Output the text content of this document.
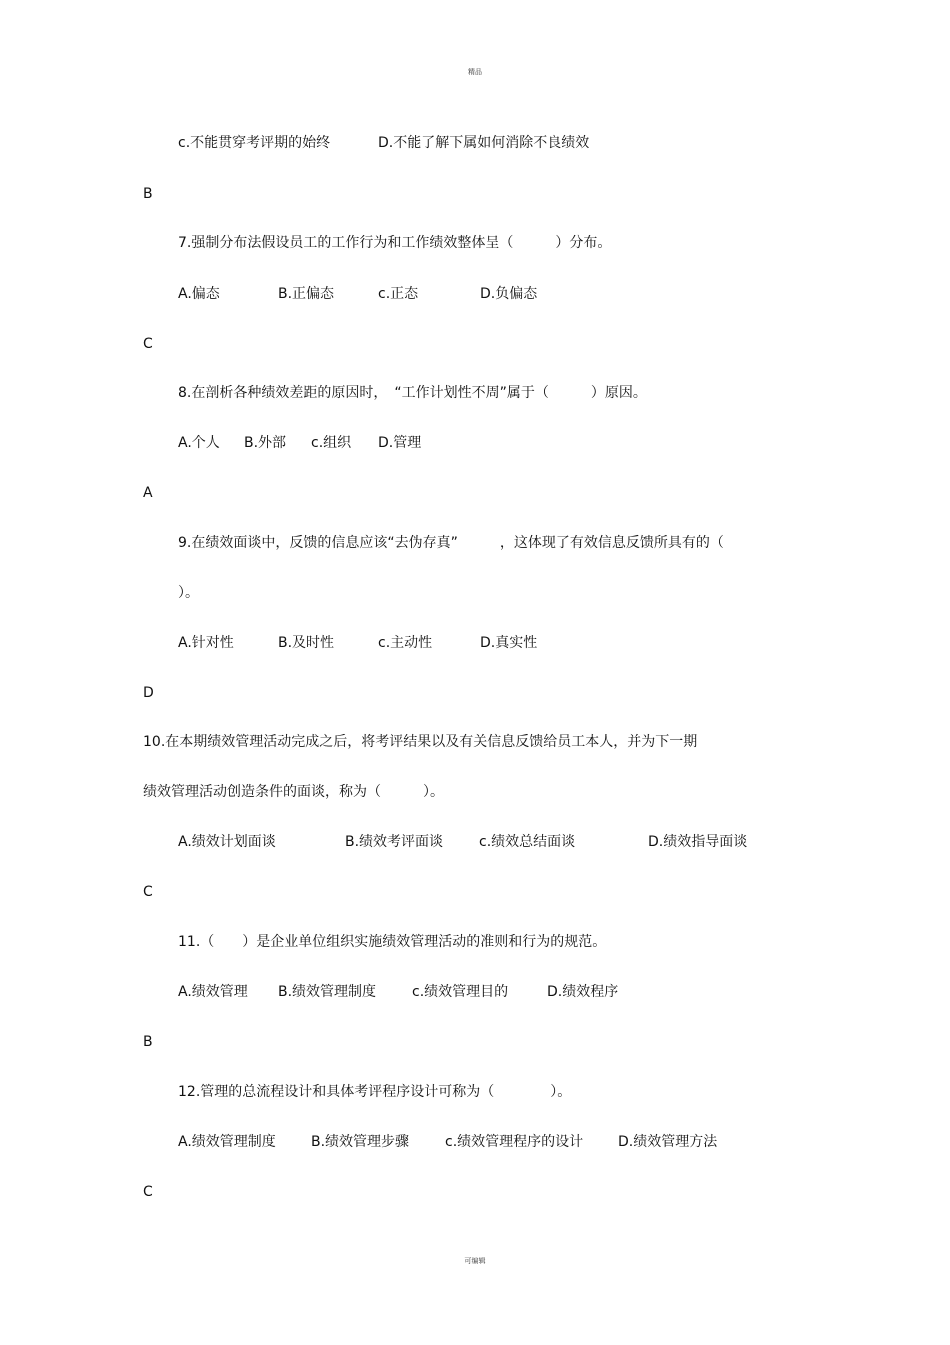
精品
c.不能贯穿考评期的始终	D.不能了解下属如何消除不良绩效
B
7.强制分布法假设员工的工作行为和工作绩效整体呈（　　　）分布。
A.偏态	B.正偏态	c.正态	D.负偏态
C
8.在剖析各种绩效差距的原因时，　“工作计划性不周”属于（　　　）原因。
A.个人 B.外部 c.组织 D.管理
A
9.在绩效面谈中，反馈的信息应该“去伪存真”　　　，这体现了有效信息反馈所具有的（
）。
A.针对性	B.及时性	c.主动性	D.真实性
D
10.在本期绩效管理活动完成之后，将考评结果以及有关信息反馈给员工本人，并为下一期
绩效管理活动创造条件的面谈，称为（　　　）。
A.绩效计划面谈	B.绩效考评面谈	c.绩效总结面谈	D.绩效指导面谈
C
11.（　　）是企业单位组织实施绩效管理活动的准则和行为的规范。
A.绩效管理 B.绩效管理制度	c.绩效管理目的	D.绩效程序
B
12.管理的总流程设计和具体考评程序设计可称为（　　　　）。
A.绩效管理制度	B.绩效管理步骤	c.绩效管理程序的设计 D.绩效管理方法
C
可编辑
